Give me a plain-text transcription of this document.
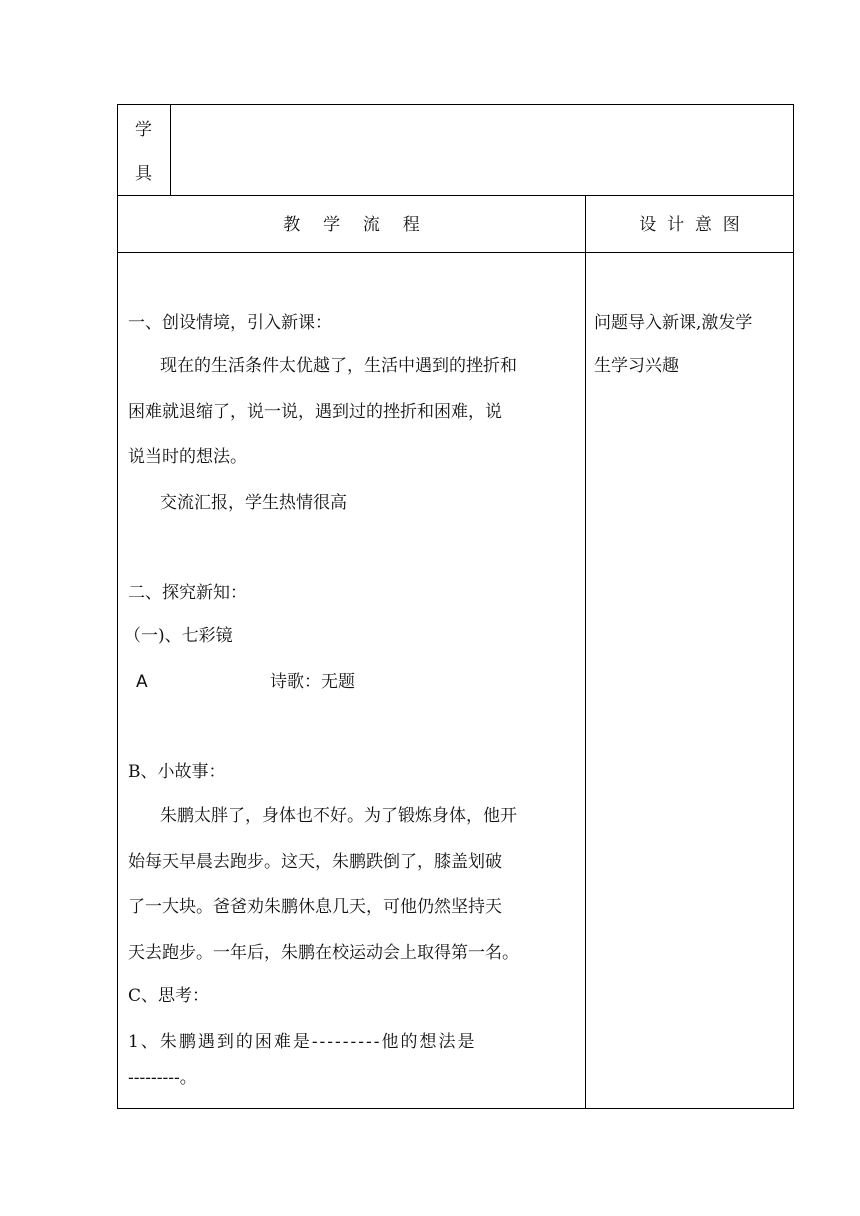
学
具
教  学  流  程	设  计  意  图
一、创设情境，引入新课：
现在的生活条件太优越了，生活中遇到的挫折和
困难就退缩了，说一说，遇到过的挫折和困难，说
说当时的想法。
交流汇报，学生热情很高
二、探究新知：
（一)、七彩镜
A	诗歌：无题
B、小故事：
朱鹏太胖了，身体也不好。为了锻炼身体，他开
始每天早晨去跑步。这天，朱鹏跌倒了，膝盖划破
了一大块。爸爸劝朱鹏休息几天，可他仍然坚持天
天去跑步。一年后，朱鹏在校运动会上取得第一名。
C、思考：
1、朱鹏遇到的困难是---------他的想法是
---------。
问题导入新课,激发学
生学习兴趣
